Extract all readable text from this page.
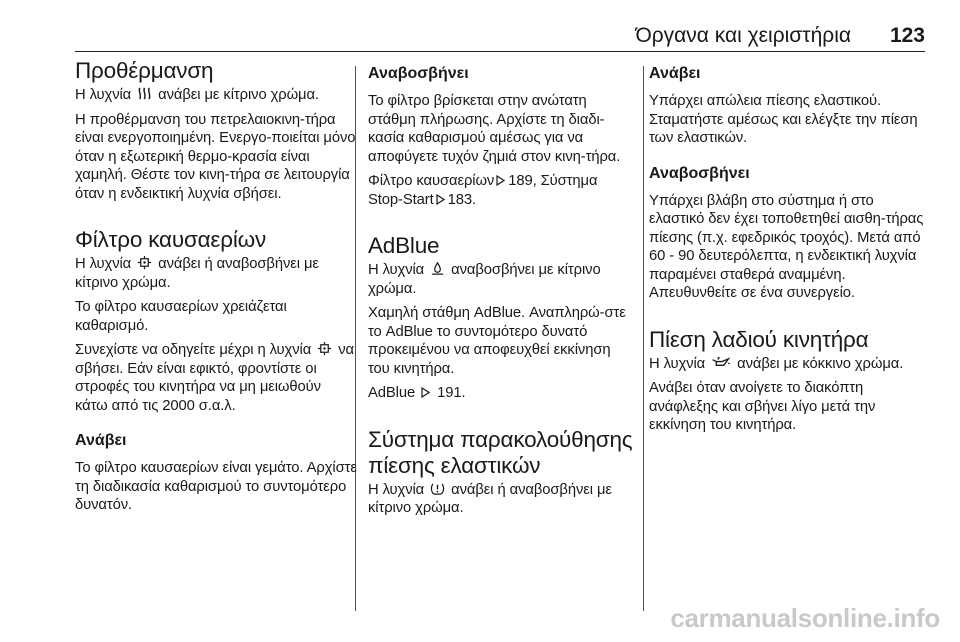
Όργανα και χειριστήρια 123
Προθέρμανση

Η λυχνία ανάβει με κίτρινο χρώμα.

Η προθέρμανση του πετρελαιοκινη-τήρα είναι ενεργοποιημένη. Ενεργο-ποιείται μόνο όταν η εξωτερική θερμο-κρασία είναι χαμηλή. Θέστε τον κινη-τήρα σε λειτουργία όταν η ενδεικτική λυχνία σβήσει.

Φίλτρο καυσαερίων

Η λυχνία ανάβει ή αναβοσβήνει με κίτρινο χρώμα.

Το φίλτρο καυσαερίων χρειάζεται καθαρισμό.

Συνεχίστε να οδηγείτε μέχρι η λυχνία να σβήσει. Εάν είναι εφικτό, φροντίστε οι στροφές του κινητήρα να μη μειωθούν κάτω από τις 2000 σ.α.λ.

Ανάβει

Το φίλτρο καυσαερίων είναι γεμάτο. Αρχίστε τη διαδικασία καθαρισμού το συντομότερο δυνατόν.

Αναβοσβήνει

Το φίλτρο βρίσκεται στην ανώτατη στάθμη πλήρωσης. Αρχίστε τη διαδι-κασία καθαρισμού αμέσως για να αποφύγετε τυχόν ζημιά στον κινη-τήρα.

Φίλτρο καυσαερίων 189, Σύστημα Stop-Start 183.

AdBlue

Η λυχνία αναβοσβήνει με κίτρινο χρώμα.

Χαμηλή στάθμη AdBlue. Αναπληρώ-στε το AdBlue το συντομότερο δυνατό προκειμένου να αποφευχθεί εκκίνηση του κινητήρα.

AdBlue 191.

Σύστημα παρακολούθησης πίεσης ελαστικών

Η λυχνία ανάβει ή αναβοσβήνει με κίτρινο χρώμα.

Ανάβει

Υπάρχει απώλεια πίεσης ελαστικού. Σταματήστε αμέσως και ελέγξτε την πίεση των ελαστικών.

Αναβοσβήνει

Υπάρχει βλάβη στο σύστημα ή στο ελαστικό δεν έχει τοποθετηθεί αισθη-τήρας πίεσης (π.χ. εφεδρικός τροχός). Μετά από

60 - 90 δευτερόλεπτα, η ενδεικτική λυχνία παραμένει σταθερά αναμμένη. Απευθυνθείτε σε ένα συνεργείο.

Πίεση λαδιού κινητήρα

Η λυχνία ανάβει με κόκκινο χρώμα.

Ανάβει όταν ανοίγετε το διακόπτη ανάφλεξης και σβήνει λίγο μετά την εκκίνηση του κινητήρα.

carmanualsonline.info
